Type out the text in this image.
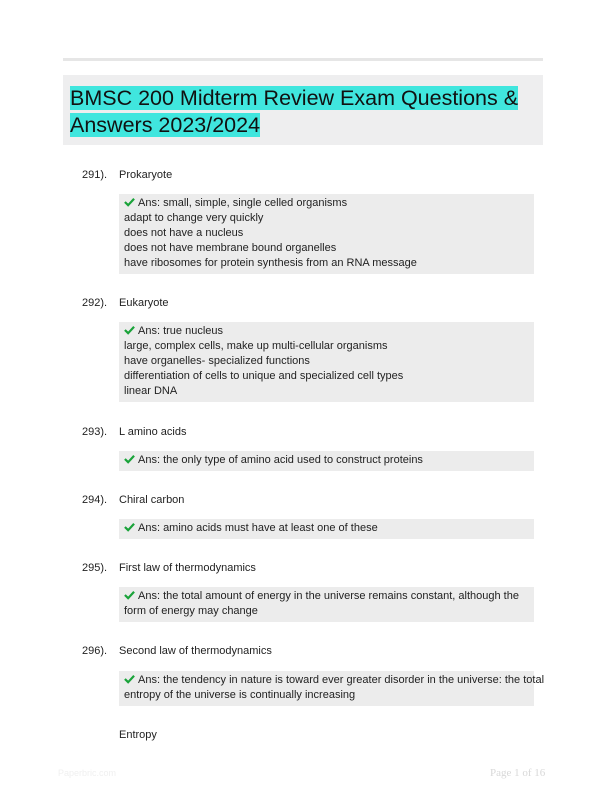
BMSC 200 Midterm Review Exam Questions & Answers 2023/2024
291). Prokaryote
Ans: small, simple, single celled organisms
adapt to change very quickly
does not have a nucleus
does not have membrane bound organelles
have ribosomes for protein synthesis from an RNA message
292). Eukaryote
Ans: true nucleus
large, complex cells, make up multi-cellular organisms
have organelles- specialized functions
differentiation of cells to unique and specialized cell types
linear DNA
293). L amino acids
Ans: the only type of amino acid used to construct proteins
294). Chiral carbon
Ans: amino acids must have at least one of these
295). First law of thermodynamics
Ans: the total amount of energy in the universe remains constant, although the
form of energy may change
296). Second law of thermodynamics
Ans: the tendency in nature is toward ever greater disorder in the universe: the total
entropy of the universe is continually increasing
Entropy
Paperbric.com	Page 1 of 16
